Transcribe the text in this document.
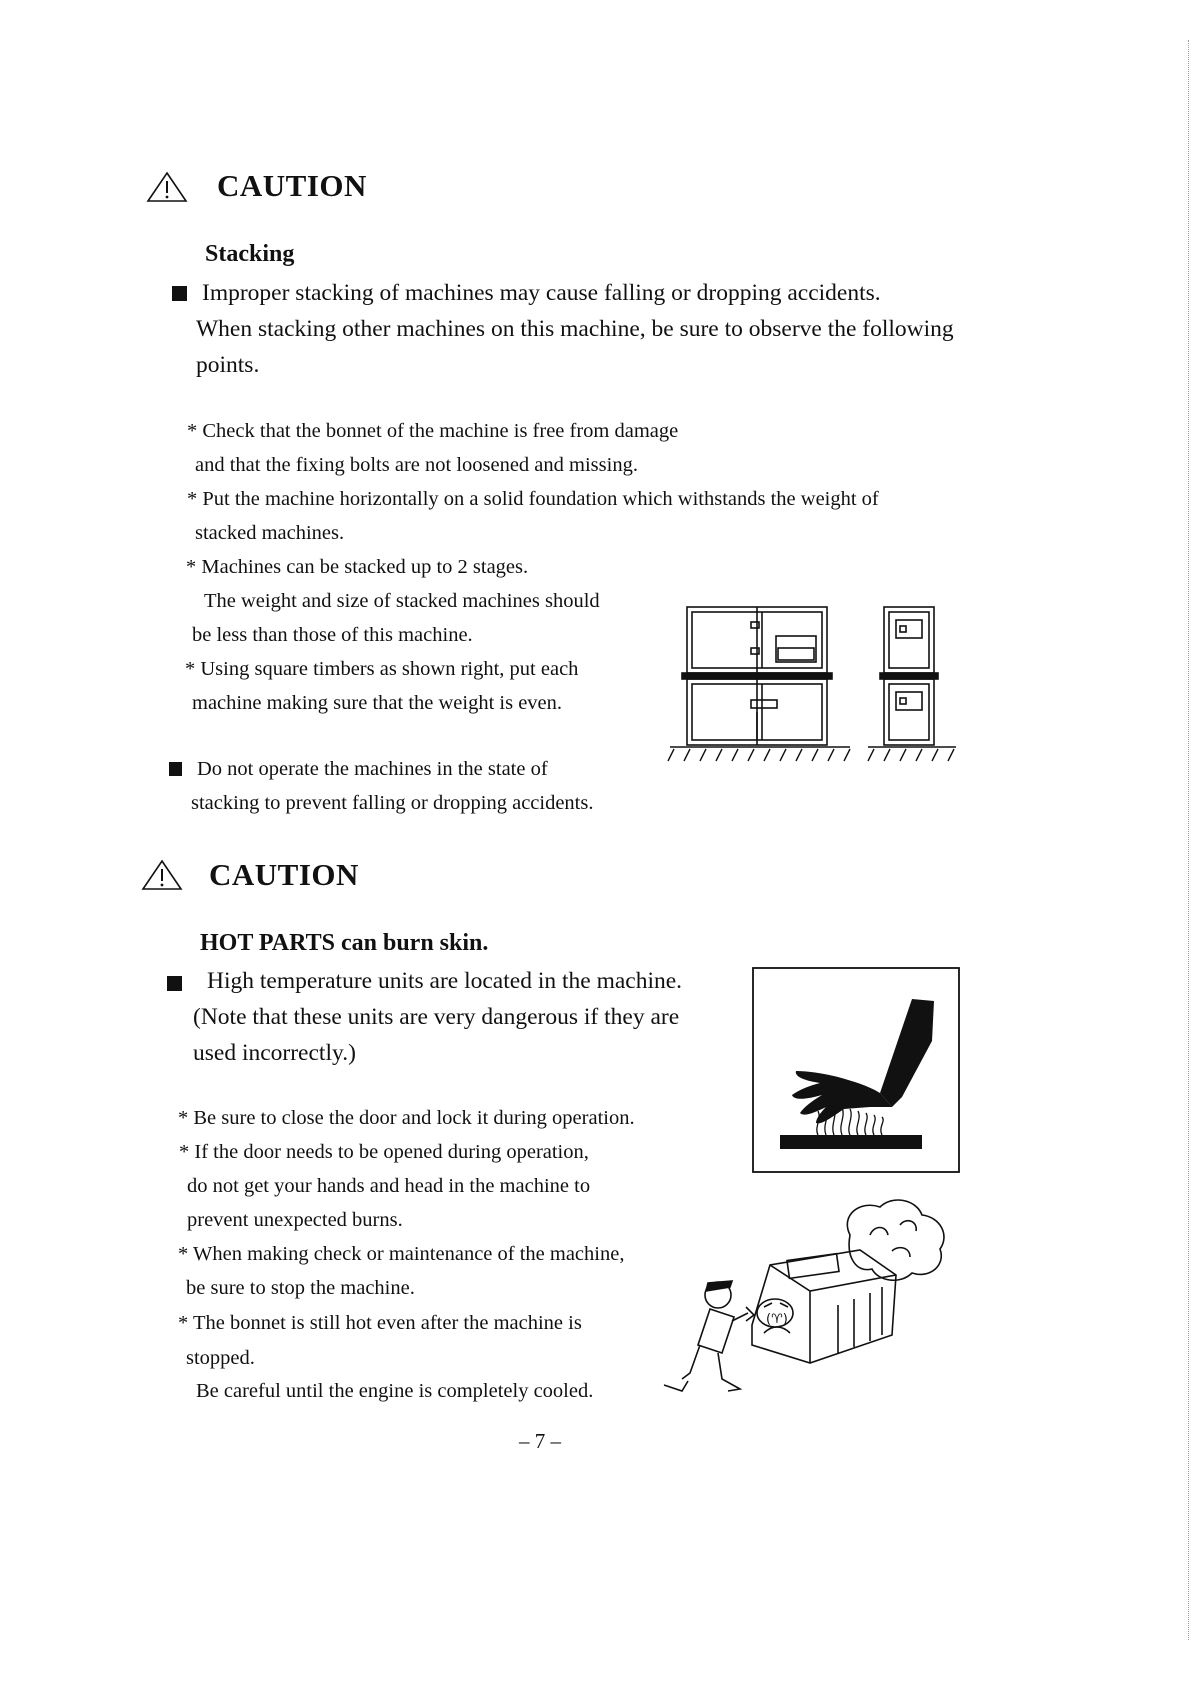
CAUTION
Stacking
Improper stacking of machines may cause falling or dropping accidents.
When stacking other machines on this machine, be sure to observe the following
points.
* Check that the bonnet of the machine is free from damage
and that the fixing bolts are not loosened and missing.
* Put the machine horizontally on a solid foundation which withstands the weight of
stacked machines.
* Machines can be stacked up to 2 stages.
The weight and size of stacked machines should
be less than those of this machine.
* Using square timbers as shown right, put each
machine making sure that the weight is even.
Do not operate the machines in the state of
stacking to prevent falling or dropping accidents.
CAUTION
HOT PARTS can burn skin.
High temperature units are located in the machine.
(Note that these units are very dangerous if they are
used incorrectly.)
* Be sure to close the door and lock it during operation.
* If the door needs to be opened during operation,
do not get your hands and head in the machine to
prevent unexpected burns.
* When making check or maintenance of the machine,
be sure to stop the machine.
* The bonnet is still hot even after the machine is
stopped.
Be careful until the engine is completely cooled.
(♈)
– 7 –
